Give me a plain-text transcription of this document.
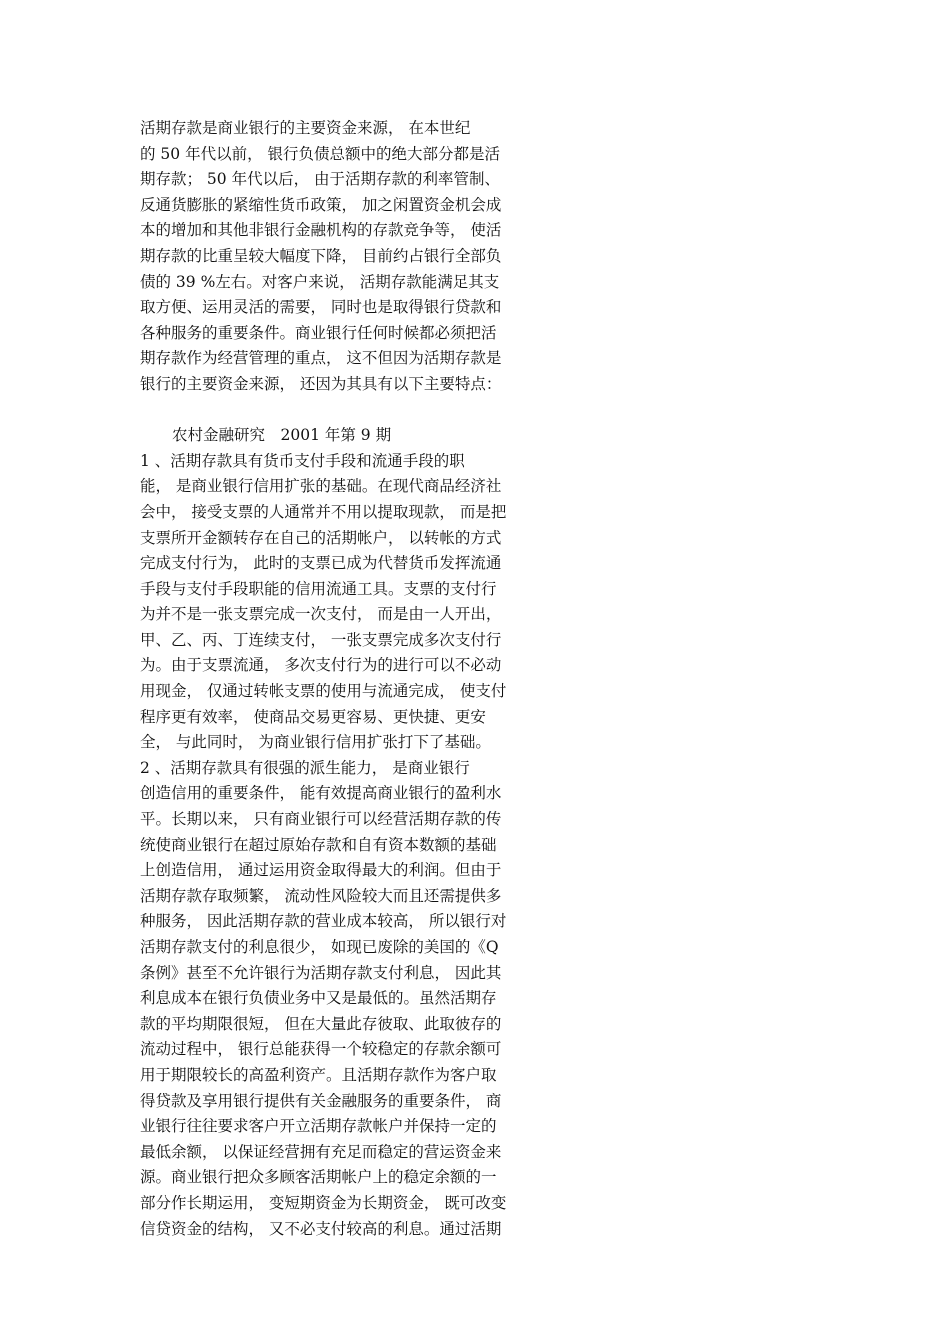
活期存款是商业银行的主要资金来源， 在本世纪
的 50 年代以前， 银行负债总额中的绝大部分都是活
期存款； 50 年代以后， 由于活期存款的利率管制、
反通货膨胀的紧缩性货币政策， 加之闲置资金机会成
本的增加和其他非银行金融机构的存款竞争等， 使活
期存款的比重呈较大幅度下降， 目前约占银行全部负
债的 39 %左右。对客户来说， 活期存款能满足其支
取方便、运用灵活的需要， 同时也是取得银行贷款和
各种服务的重要条件。商业银行任何时候都必须把活
期存款作为经营管理的重点， 这不但因为活期存款是
银行的主要资金来源， 还因为其具有以下主要特点：
农村金融研究　2001 年第 9 期
1 、活期存款具有货币支付手段和流通手段的职
能， 是商业银行信用扩张的基础。在现代商品经济社
会中， 接受支票的人通常并不用以提取现款， 而是把
支票所开金额转存在自己的活期帐户， 以转帐的方式
完成支付行为， 此时的支票已成为代替货币发挥流通
手段与支付手段职能的信用流通工具。支票的支付行
为并不是一张支票完成一次支付， 而是由一人开出，
甲、乙、丙、丁连续支付， 一张支票完成多次支付行
为。由于支票流通， 多次支付行为的进行可以不必动
用现金， 仅通过转帐支票的使用与流通完成， 使支付
程序更有效率， 使商品交易更容易、更快捷、更安
全， 与此同时， 为商业银行信用扩张打下了基础。
2 、活期存款具有很强的派生能力， 是商业银行
创造信用的重要条件， 能有效提高商业银行的盈利水
平。长期以来， 只有商业银行可以经营活期存款的传
统使商业银行在超过原始存款和自有资本数额的基础
上创造信用， 通过运用资金取得最大的利润。但由于
活期存款存取频繁， 流动性风险较大而且还需提供多
种服务， 因此活期存款的营业成本较高， 所以银行对
活期存款支付的利息很少， 如现已废除的美国的《Q
条例》甚至不允许银行为活期存款支付利息， 因此其
利息成本在银行负债业务中又是最低的。虽然活期存
款的平均期限很短， 但在大量此存彼取、此取彼存的
流动过程中， 银行总能获得一个较稳定的存款余额可
用于期限较长的高盈利资产。且活期存款作为客户取
得贷款及享用银行提供有关金融服务的重要条件， 商
业银行往往要求客户开立活期存款帐户并保持一定的
最低余额， 以保证经营拥有充足而稳定的营运资金来
源。商业银行把众多顾客活期帐户上的稳定余额的一
部分作长期运用， 变短期资金为长期资金， 既可改变
信贷资金的结构， 又不必支付较高的利息。通过活期
